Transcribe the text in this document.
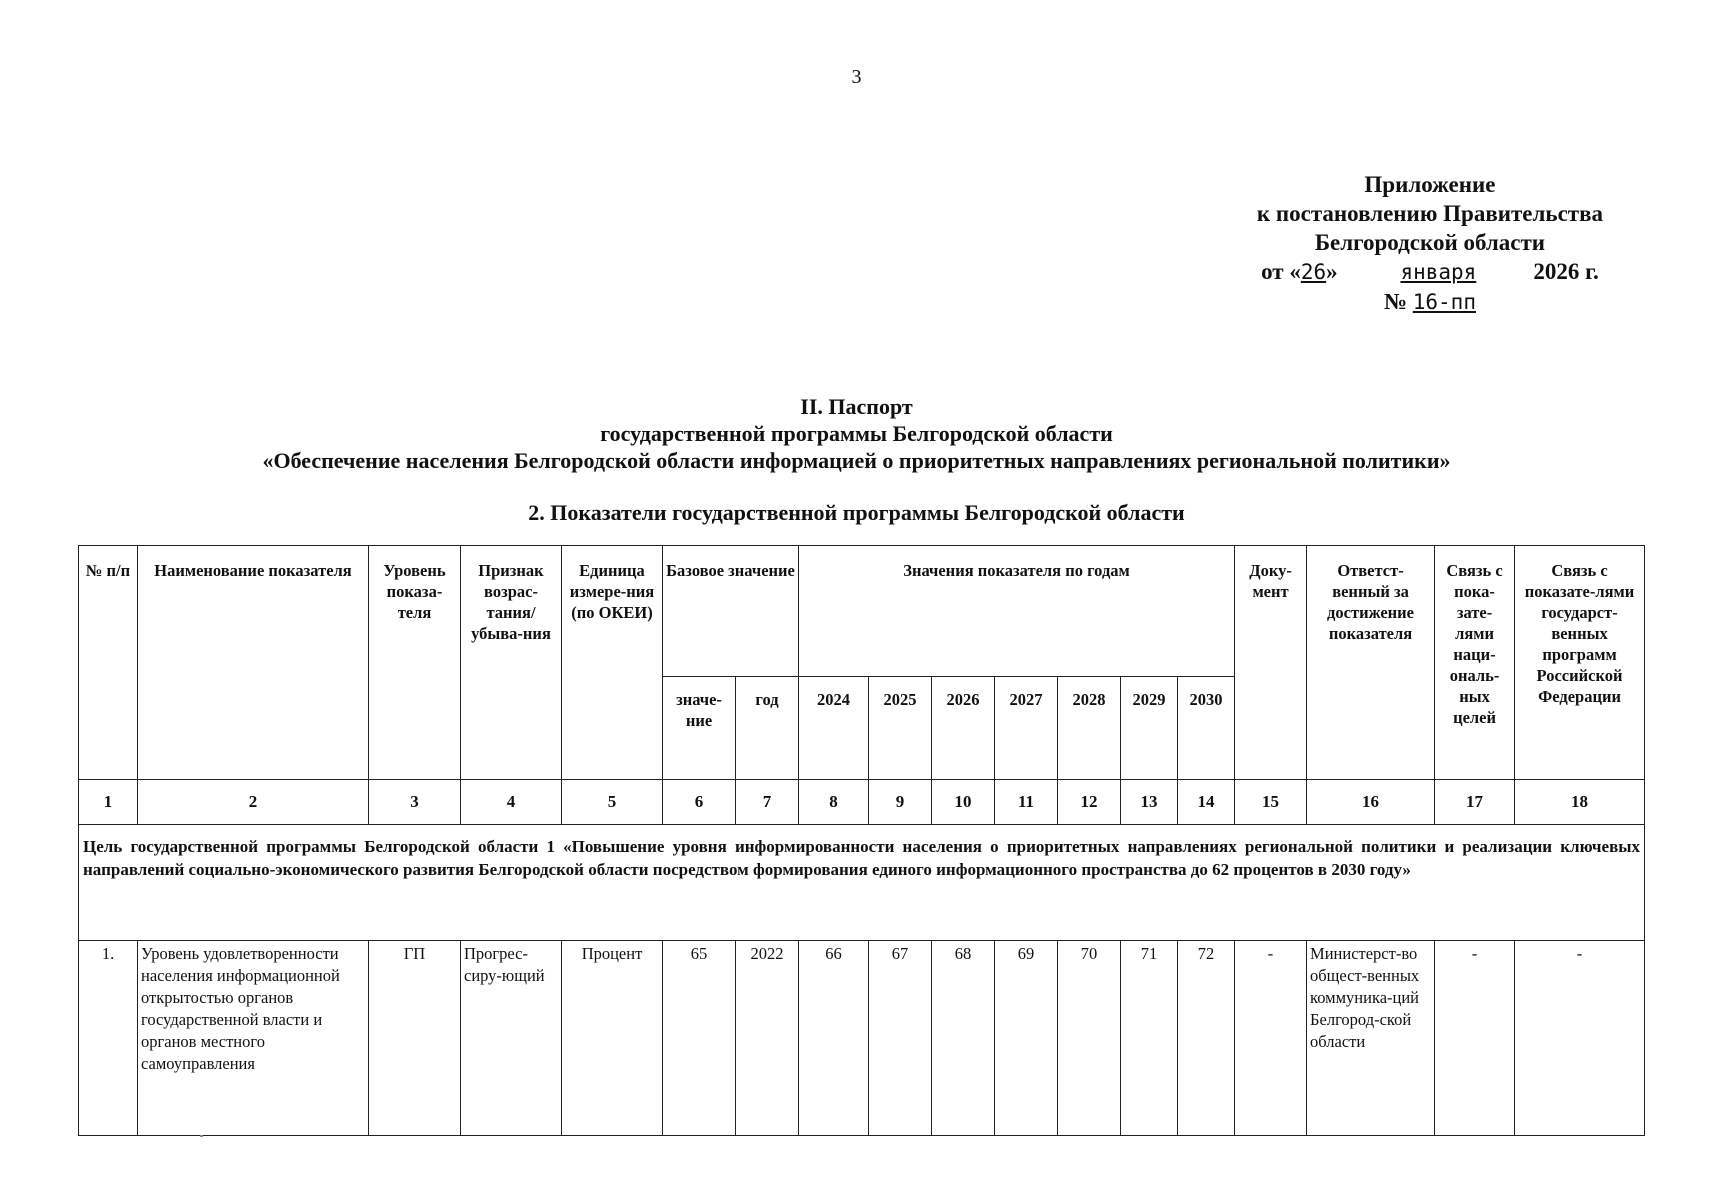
3
Приложение
к постановлению Правительства
Белгородской области
от «26»	января 2026 г.
№ 16-пп
II. Паспорт
государственной программы Белгородской области
«Обеспечение населения Белгородской области информацией о приоритетных направлениях региональной политики»
2. Показатели государственной программы Белгородской области
№ п/п	Наименование показателя	Уровень показа-теля	Признак возрас-тания/ убыва-ния	Единица измере-ния (по ОКЕИ)	Базовое значение		Значения показателя по годам							Доку-мент	Ответст-венный за достижение показателя	Связь с пока-зате-лями наци-ональ-ных целей	Связь с показате-лями государст-венных программ Российской Федерации
					значе-ние	год	2024	2025	2026	2027	2028	2029	2030				
1	2	3	4	5	6	7	8	9	10	11	12	13	14	15	16	17	18
Цель государственной программы Белгородской области 1 «Повышение уровня информированности населения о приоритетных направлениях региональной политики и реализации ключевых направлений социально-экономического развития Белгородской области посредством формирования единого информационного пространства до 62 процентов в 2030 году»																	
1.	Уровень удовлетворенности населения информационной открытостью органов государственной власти и органов местного самоуправления	ГП	Прогрес-сиру-ющий	Процент	65	2022	66	67	68	69	70	71	72	-	Министерст-во общест-венных коммуника-ций Белгород-ской области	-	-
